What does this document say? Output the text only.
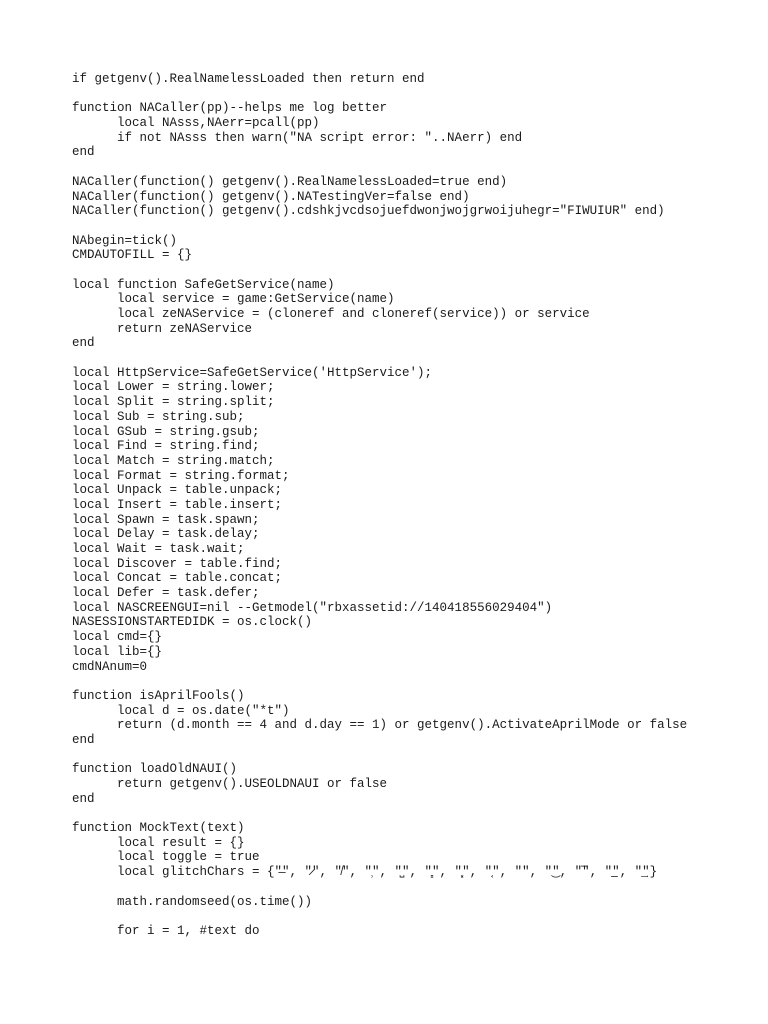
if getgenv().RealNamelessLoaded then return end
function NACaller(pp)--helps me log better
local NAsss,NAerr=pcall(pp)
if not NAsss then warn("NA script error: "..NAerr) end
end
NACaller(function() getgenv().RealNamelessLoaded=true end)
NACaller(function() getgenv().NATestingVer=false end)
NACaller(function() getgenv().cdshkjvcdsojuefdwonjwojgrwoijuhegr="FIWUIUR" end)
NAbegin=tick()
CMDAUTOFILL = {}
local function SafeGetService(name)
local service = game:GetService(name)
local zeNAService = (cloneref and cloneref(service)) or service
return zeNAService
end
local HttpService=SafeGetService('HttpService');
local Lower = string.lower;
local Split = string.split;
local Sub = string.sub;
local GSub = string.gsub;
local Find = string.find;
local Match = string.match;
local Format = string.format;
local Unpack = table.unpack;
local Insert = table.insert;
local Spawn = task.spawn;
local Delay = task.delay;
local Wait = task.wait;
local Discover = table.find;
local Concat = table.concat;
local Defer = task.defer;
local NASCREENGUI=nil --Getmodel("rbxassetid://140418556029404")
NASESSIONSTARTEDIDK = os.clock()
local cmd={}
local lib={}
cmdNAnum=0
function isAprilFools()
local d = os.date("*t")
return (d.month == 4 and d.day == 1) or getgenv().ActivateAprilMode or false
end
function loadOldNAUI()
return getgenv().USEOLDNAUI or false
end
function MockText(text)
local result = {}
local toggle = true
local glitchChars = {"̶", "̷", "̸", "̹", "̺", "̻", "͓", "͔", "͘", "͜", "͞", "͟", "͢"}
math.randomseed(os.time())
for i = 1, #text do
